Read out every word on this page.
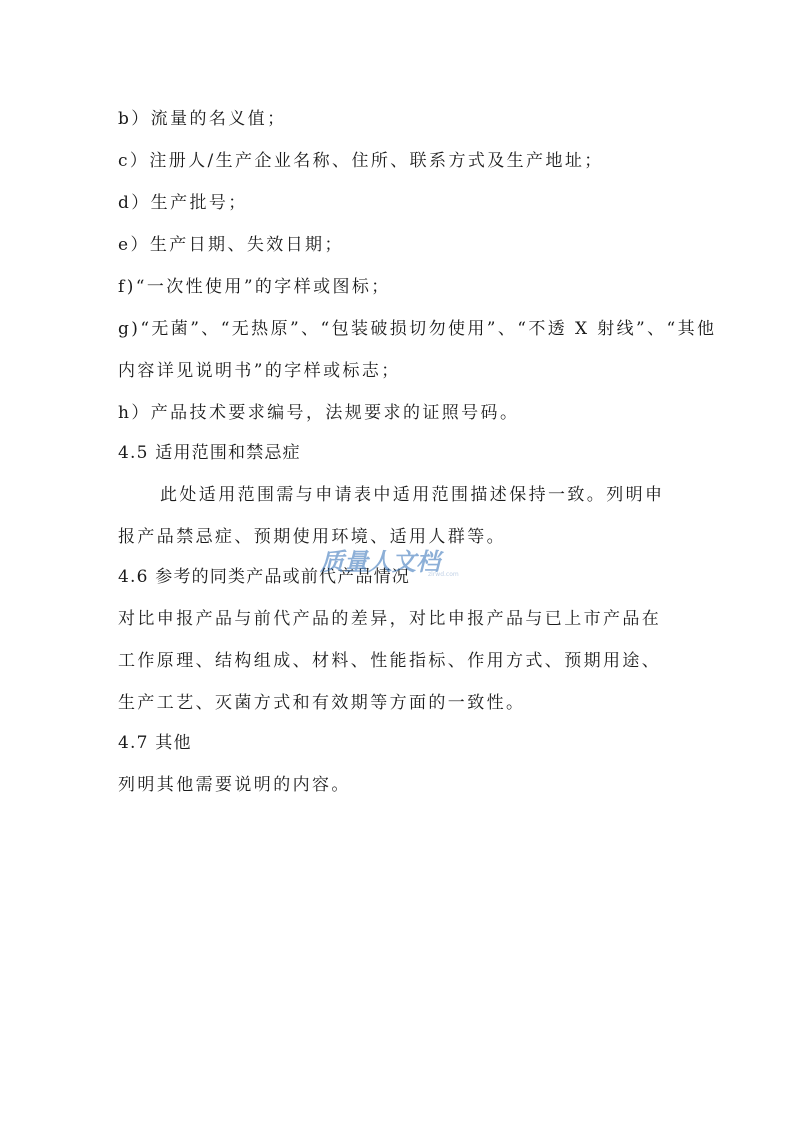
b）流量的名义值；
c）注册人/生产企业名称、住所、联系方式及生产地址；
d）生产批号；
e）生产日期、失效日期；
f)“一次性使用”的字样或图标；
g)“无菌”、“无热原”、“包装破损切勿使用”、“不透 X 射线”、“其他
内容详见说明书”的字样或标志；
h）产品技术要求编号，法规要求的证照号码。
4.5 适用范围和禁忌症
此处适用范围需与申请表中适用范围描述保持一致。列明申
报产品禁忌症、预期使用环境、适用人群等。
4.6 参考的同类产品或前代产品情况
对比申报产品与前代产品的差异，对比申报产品与已上市产品在
工作原理、结构组成、材料、性能指标、作用方式、预期用途、
生产工艺、灭菌方式和有效期等方面的一致性。
4.7 其他
列明其他需要说明的内容。
质量人文档
zlrwd.com
